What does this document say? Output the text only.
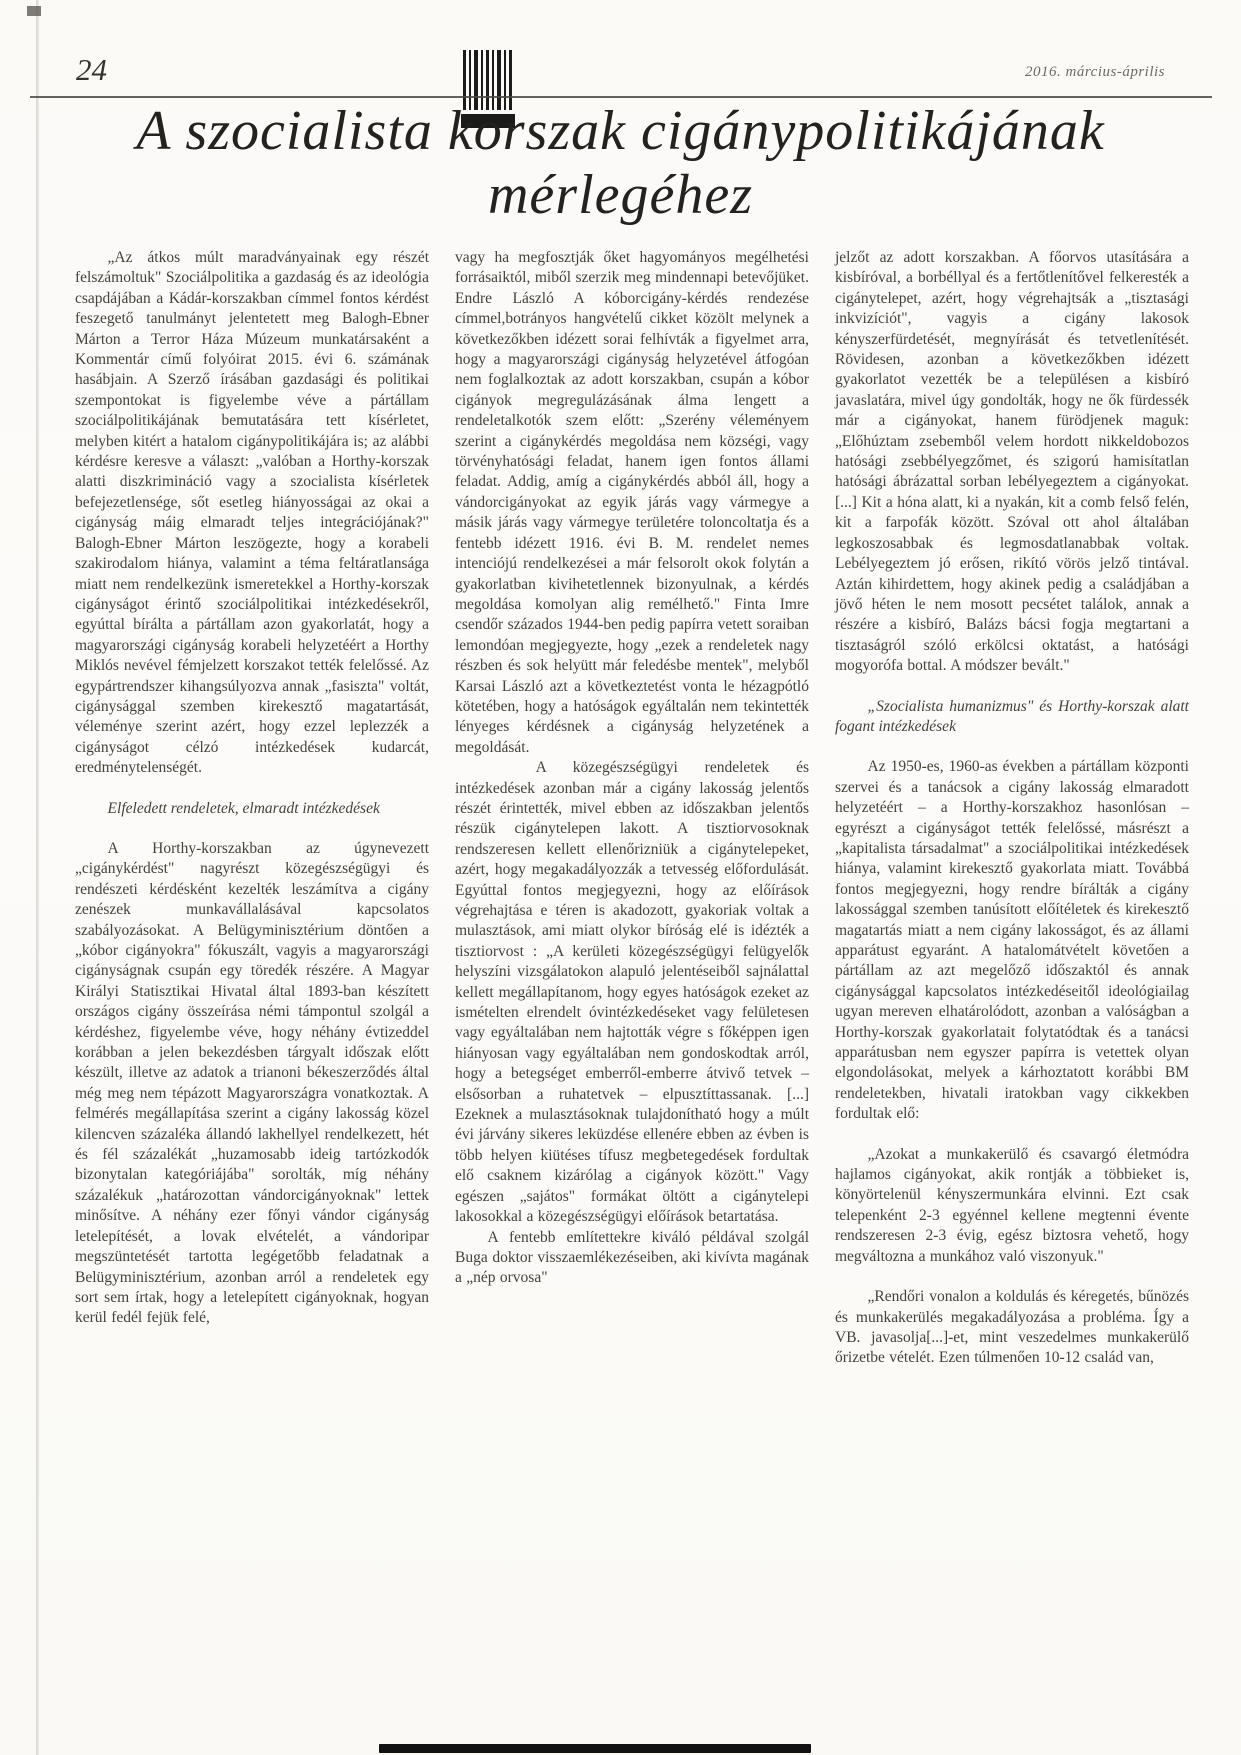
24	2016. március-április
A szocialista korszak cigánypolitikájának
mérlegéhez

„Az átkos múlt maradványainak egy részét felszámoltuk" Szociálpolitika a gazdaság és az ideológia csapdájában a Kádár-korszakban címmel fontos kérdést feszegető tanulmányt jelentetett meg Balogh-Ebner Márton a Terror Háza Múzeum munkatársaként a Kommentár című folyóirat 2015. évi 6. számának hasábjain. A Szerző írásában gazdasági és politikai szempontokat is figyelembe véve a pártállam szociálpolitikájának bemutatására tett kísérletet, melyben kitért a hatalom cigánypolitikájára is; az alábbi kérdésre keresve a választ: „valóban a Horthy-korszak alatti diszkrimináció vagy a szocialista kísérletek befejezetlensége, sőt esetleg hiányosságai az okai a cigányság máig elmaradt teljes integrációjának?" Balogh-Ebner Márton leszögezte, hogy a korabeli szakirodalom hiánya, valamint a téma feltáratlansága miatt nem rendelkezünk ismeretekkel a Horthy-korszak cigányságot érintő szociálpolitikai intézkedésekről, egyúttal bírálta a pártállam azon gyakorlatát, hogy a magyarországi cigányság korabeli helyzetéért a Horthy Miklós nevével fémjelzett korszakot tették felelőssé. Az egypártrendszer kihangsúlyozva annak „fasiszta" voltát, cigánysággal szemben kirekesztő magatartását, véleménye szerint azért, hogy ezzel leplezzék a cigányságot célzó intézkedések kudarcát, eredménytelenségét.

Elfeledett rendeletek, elmaradt intézkedések

A Horthy-korszakban az úgynevezett „cigánykérdést" nagyrészt közegészségügyi és rendészeti kérdésként kezelték leszámítva a cigány zenészek munkavállalásával kapcsolatos szabályozásokat. A Belügyminisztérium döntően a „kóbor cigányokra" fókuszált, vagyis a magyarországi cigányságnak csupán egy töredék részére. A Magyar Királyi Statisztikai Hivatal által 1893-ban készített országos cigány összeírása némi támpontul szolgál a kérdéshez, figyelembe véve, hogy néhány évtizeddel korábban a jelen bekezdésben tárgyalt időszak előtt készült, illetve az adatok a trianoni békeszerződés által még meg nem tépázott Magyarországra vonatkoztak. A felmérés megállapítása szerint a cigány lakosság közel kilencven százaléka állandó lakhellyel rendelkezett, hét és fél százalékát „huzamosabb ideig tartózkodók bizonytalan kategóriájába" sorolták, míg néhány százalékuk „határozottan vándorcigányoknak" lettek minősítve. A néhány ezer főnyi vándor cigányság letelepítését, a lovak elvételét, a vándoripar megszüntetését tartotta legégetőbb feladatnak a Belügyminisztérium, azonban arról a rendeletek egy sort sem írtak, hogy a letelepített cigányoknak, hogyan kerül fedél fejük felé,

vagy ha megfosztják őket hagyományos megélhetési forrásaiktól, miből szerzik meg mindennapi betevőjüket. Endre László A kóborcigány-kérdés rendezése címmel,botrányos hangvételű cikket közölt melynek a következőkben idézett sorai felhívták a figyelmet arra, hogy a magyarországi cigányság helyzetével átfogóan nem foglalkoztak az adott korszakban, csupán a kóbor cigányok megregulázásának álma lengett a rendeletalkotók szem előtt: „Szerény véleményem szerint a cigánykérdés megoldása nem községi, vagy törvényhatósági feladat, hanem igen fontos állami feladat. Addig, amíg a cigánykérdés abból áll, hogy a vándorcigányokat az egyik járás vagy vármegye a másik járás vagy vármegye területére toloncoltatja és a fentebb idézett 1916. évi B. M. rendelet nemes intenciójú rendelkezései a már felsorolt okok folytán a gyakorlatban kivihetetlennek bizonyulnak, a kérdés megoldása komolyan alig remélhető." Finta Imre csendőr százados 1944-ben pedig papírra vetett soraiban lemondóan megjegyezte, hogy „ezek a rendeletek nagy részben és sok helyütt már feledésbe mentek", melyből Karsai László azt a következtetést vonta le hézagpótló kötetében, hogy a hatóságok egyáltalán nem tekintették lényeges kérdésnek a cigányság helyzetének a megoldását.

A közegészségügyi rendeletek és intézkedések azonban már a cigány lakosság jelentős részét érintették, mivel ebben az időszakban jelentős részük cigánytelepen lakott. A tisztiorvosoknak rendszeresen kellett ellenőrizniük a cigánytelepeket, azért, hogy megakadályozzák a tetvesség előfordulását. Egyúttal fontos megjegyezni, hogy az előírások végrehajtása e téren is akadozott, gyakoriak voltak a mulasztások, ami miatt olykor bíróság elé is idézték a tisztiorvost : „A kerületi közegészségügyi felügyelők helyszíni vizsgálatokon alapuló jelentéseiből sajnálattal kellett megállapítanom, hogy egyes hatóságok ezeket az ismételten elrendelt óvintézkedéseket vagy felületesen vagy egyáltalában nem hajtották végre s főképpen igen hiányosan vagy egyáltalában nem gondoskodtak arról, hogy a betegséget emberről-emberre átvivő tetvek – elsősorban a ruhatetvek – elpusztíttassanak. [...] Ezeknek a mulasztásoknak tulajdonítható hogy a múlt évi járvány sikeres leküzdése ellenére ebben az évben is több helyen kiütéses tífusz megbetegedések fordultak elő csaknem kizárólag a cigányok között." Vagy egészen „sajátos" formákat öltött a cigánytelepi lakosokkal a közegészségügyi előírások betartatása.

A fentebb említettekre kiváló példával szolgál Buga doktor visszaemlékezéseiben, aki kivívta magának a „nép orvosa"

jelzőt az adott korszakban. A főorvos utasítására a kisbíróval, a borbéllyal és a fertőtlenítővel felkeresték a cigánytelepet, azért, hogy végrehajtsák a „tisztasági inkvizíciót", vagyis a cigány lakosok kényszerfürdetését, megnyírását és tetvetlenítését. Rövidesen, azonban a következőkben idézett gyakorlatot vezették be a településen a kisbíró javaslatára, mivel úgy gondolták, hogy ne ők fürdessék már a cigányokat, hanem fürödjenek maguk: „Előhúztam zsebemből velem hordott nikkeldobozos hatósági zsebbélyegzőmet, és szigorú hamisítatlan hatósági ábrázattal sorban lebélyegeztem a cigányokat. [...] Kit a hóna alatt, ki a nyakán, kit a comb felső felén, kit a farpofák között. Szóval ott ahol általában legkoszosabbak és legmosdatlanabbak voltak. Lebélyegeztem jó erősen, rikító vörös jelző tintával. Aztán kihirdettem, hogy akinek pedig a családjában a jövő héten le nem mosott pecsétet találok, annak a részére a kisbíró, Balázs bácsi fogja megtartani a tisztaságról szóló erkölcsi oktatást, a hatósági mogyorófa bottal. A módszer bevált."

„Szocialista humanizmus" és Horthy-korszak alatt fogant intézkedések

Az 1950-es, 1960-as években a pártállam központi szervei és a tanácsok a cigány lakosság elmaradott helyzetéért – a Horthy-korszakhoz hasonlósan – egyrészt a cigányságot tették felelőssé, másrészt a „kapitalista társadalmat" a szociálpolitikai intézkedések hiánya, valamint kirekesztő gyakorlata miatt. Továbbá fontos megjegyezni, hogy rendre bírálták a cigány lakossággal szemben tanúsított előítéletek és kirekesztő magatartás miatt a nem cigány lakosságot, és az állami apparátust egyaránt. A hatalomátvételt követően a pártállam az azt megelőző időszaktól és annak cigánysággal kapcsolatos intézkedéseitől ideológiailag ugyan mereven elhatárolódott, azonban a valóságban a Horthy-korszak gyakorlatait folytatódtak és a tanácsi apparátusban nem egyszer papírra is vetettek olyan elgondolásokat, melyek a kárhoztatott korábbi BM rendeletekben, hivatali iratokban vagy cikkekben fordultak elő:

„Azokat a munkakerülő és csavargó életmódra hajlamos cigányokat, akik rontják a többieket is, könyörtelenül kényszermunkára elvinni. Ezt csak telepenként 2-3 egyénnel kellene megtenni évente rendszeresen 2-3 évig, egész biztosra vehető, hogy megváltozna a munkához való viszonyuk."

„Rendőri vonalon a koldulás és kéregetés, bűnözés és munkakerülés megakadályozása a probléma. Így a VB. javasolja[...]-et, mint veszedelmes munkakerülő őrizetbe vételét. Ezen túlmenően 10-12 család van,
